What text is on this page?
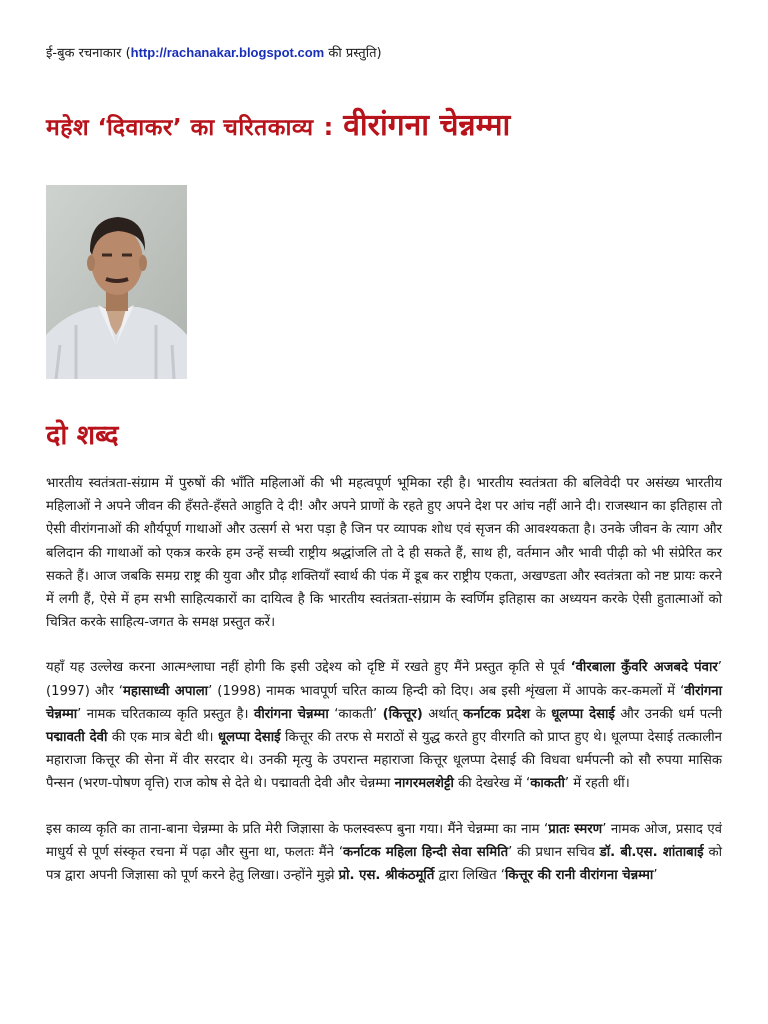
ई-बुक रचनाकार (http://rachanakar.blogspot.com की प्रस्तुति)

महेश ‘दिवाकर’ का चरितकाव्य : वीरांगना चेन्नम्मा
दो शब्द

भारतीय स्वतंत्रता-संग्राम में पुरुषों की भाँति महिलाओं की भी महत्वपूर्ण भूमिका रही है। भारतीय स्वतंत्रता की बलिवेदी पर असंख्य भारतीय महिलाओं ने अपने जीवन की हँसते-हँसते आहुति दे दी! और अपने प्राणों के रहते हुए अपने देश पर आंच नहीं आने दी। राजस्थान का इतिहास तो ऐसी वीरांगनाओं की शौर्यपूर्ण गाथाओं और उत्सर्ग से भरा पड़ा है जिन पर व्यापक शोध एवं सृजन की आवश्यकता है। उनके जीवन के त्याग और बलिदान की गाथाओं को एकत्र करके हम उन्हें सच्ची राष्ट्रीय श्रद्धांजलि तो दे ही सकते हैं, साथ ही, वर्तमान और भावी पीढ़ी को भी संप्रेरित कर सकते हैं। आज जबकि समग्र राष्ट्र की युवा और प्रौढ़ शक्तियाँ स्वार्थ की पंक में डूब कर राष्ट्रीय एकता, अखण्डता और स्वतंत्रता को नष्ट प्रायः करने में लगी हैं, ऐसे में हम सभी साहित्यकारों का दायित्व है कि भारतीय स्वतंत्रता-संग्राम के स्वर्णिम इतिहास का अध्ययन करके ऐसी हुतात्माओं को चित्रित करके साहित्य-जगत के समक्ष प्रस्तुत करें।

यहाँ यह उल्लेख करना आत्मश्लाघा नहीं होगी कि इसी उद्देश्य को दृष्टि में रखते हुए मैंने प्रस्तुत कृति से पूर्व ‘वीरबाला कुँवरि अजबदे पंवार’ (1997) और ‘महासाध्वी अपाला’ (1998) नामक भावपूर्ण चरित काव्य हिन्दी को दिए। अब इसी शृंखला में आपके कर-कमलों में ‘वीरांगना चेन्नम्मा’ नामक चरितकाव्य कृति प्रस्तुत है। वीरांगना चेन्नम्मा ‘काकती’ (कित्तूर) अर्थात् कर्नाटक प्रदेश के धूलप्पा देसाई और उनकी धर्म पत्नी पद्मावती देवी की एक मात्र बेटी थी। धूलप्पा देसाई कित्तूर की तरफ से मराठों से युद्ध करते हुए वीरगति को प्राप्त हुए थे। धूलप्पा देसाई तत्कालीन महाराजा कित्तूर की सेना में वीर सरदार थे। उनकी मृत्यु के उपरान्त महाराजा कित्तूर धूलप्पा देसाई की विधवा धर्मपत्नी को सौ रुपया मासिक पैन्सन (भरण-पोषण वृत्ति) राज कोष से देते थे। पद्मावती देवी और चेन्नम्मा नागरमलशेट्टी की देखरेख में ‘काकती’ में रहती थीं।

इस काव्य कृति का ताना-बाना चेन्नम्मा के प्रति मेरी जिज्ञासा के फलस्वरूप बुना गया। मैंने चेन्नम्मा का नाम ‘प्रातः स्मरण’ नामक ओज, प्रसाद एवं माधुर्य से पूर्ण संस्कृत रचना में पढ़ा और सुना था, फलतः मैंने ‘कर्नाटक महिला हिन्दी सेवा समिति’ की प्रधान सचिव डॉ. बी.एस. शांताबाई को पत्र द्वारा अपनी जिज्ञासा को पूर्ण करने हेतु लिखा। उन्होंने मुझे प्रो. एस. श्रीकंठमूर्ति द्वारा लिखित ‘कित्तूर की रानी वीरांगना चेन्नम्मा’
